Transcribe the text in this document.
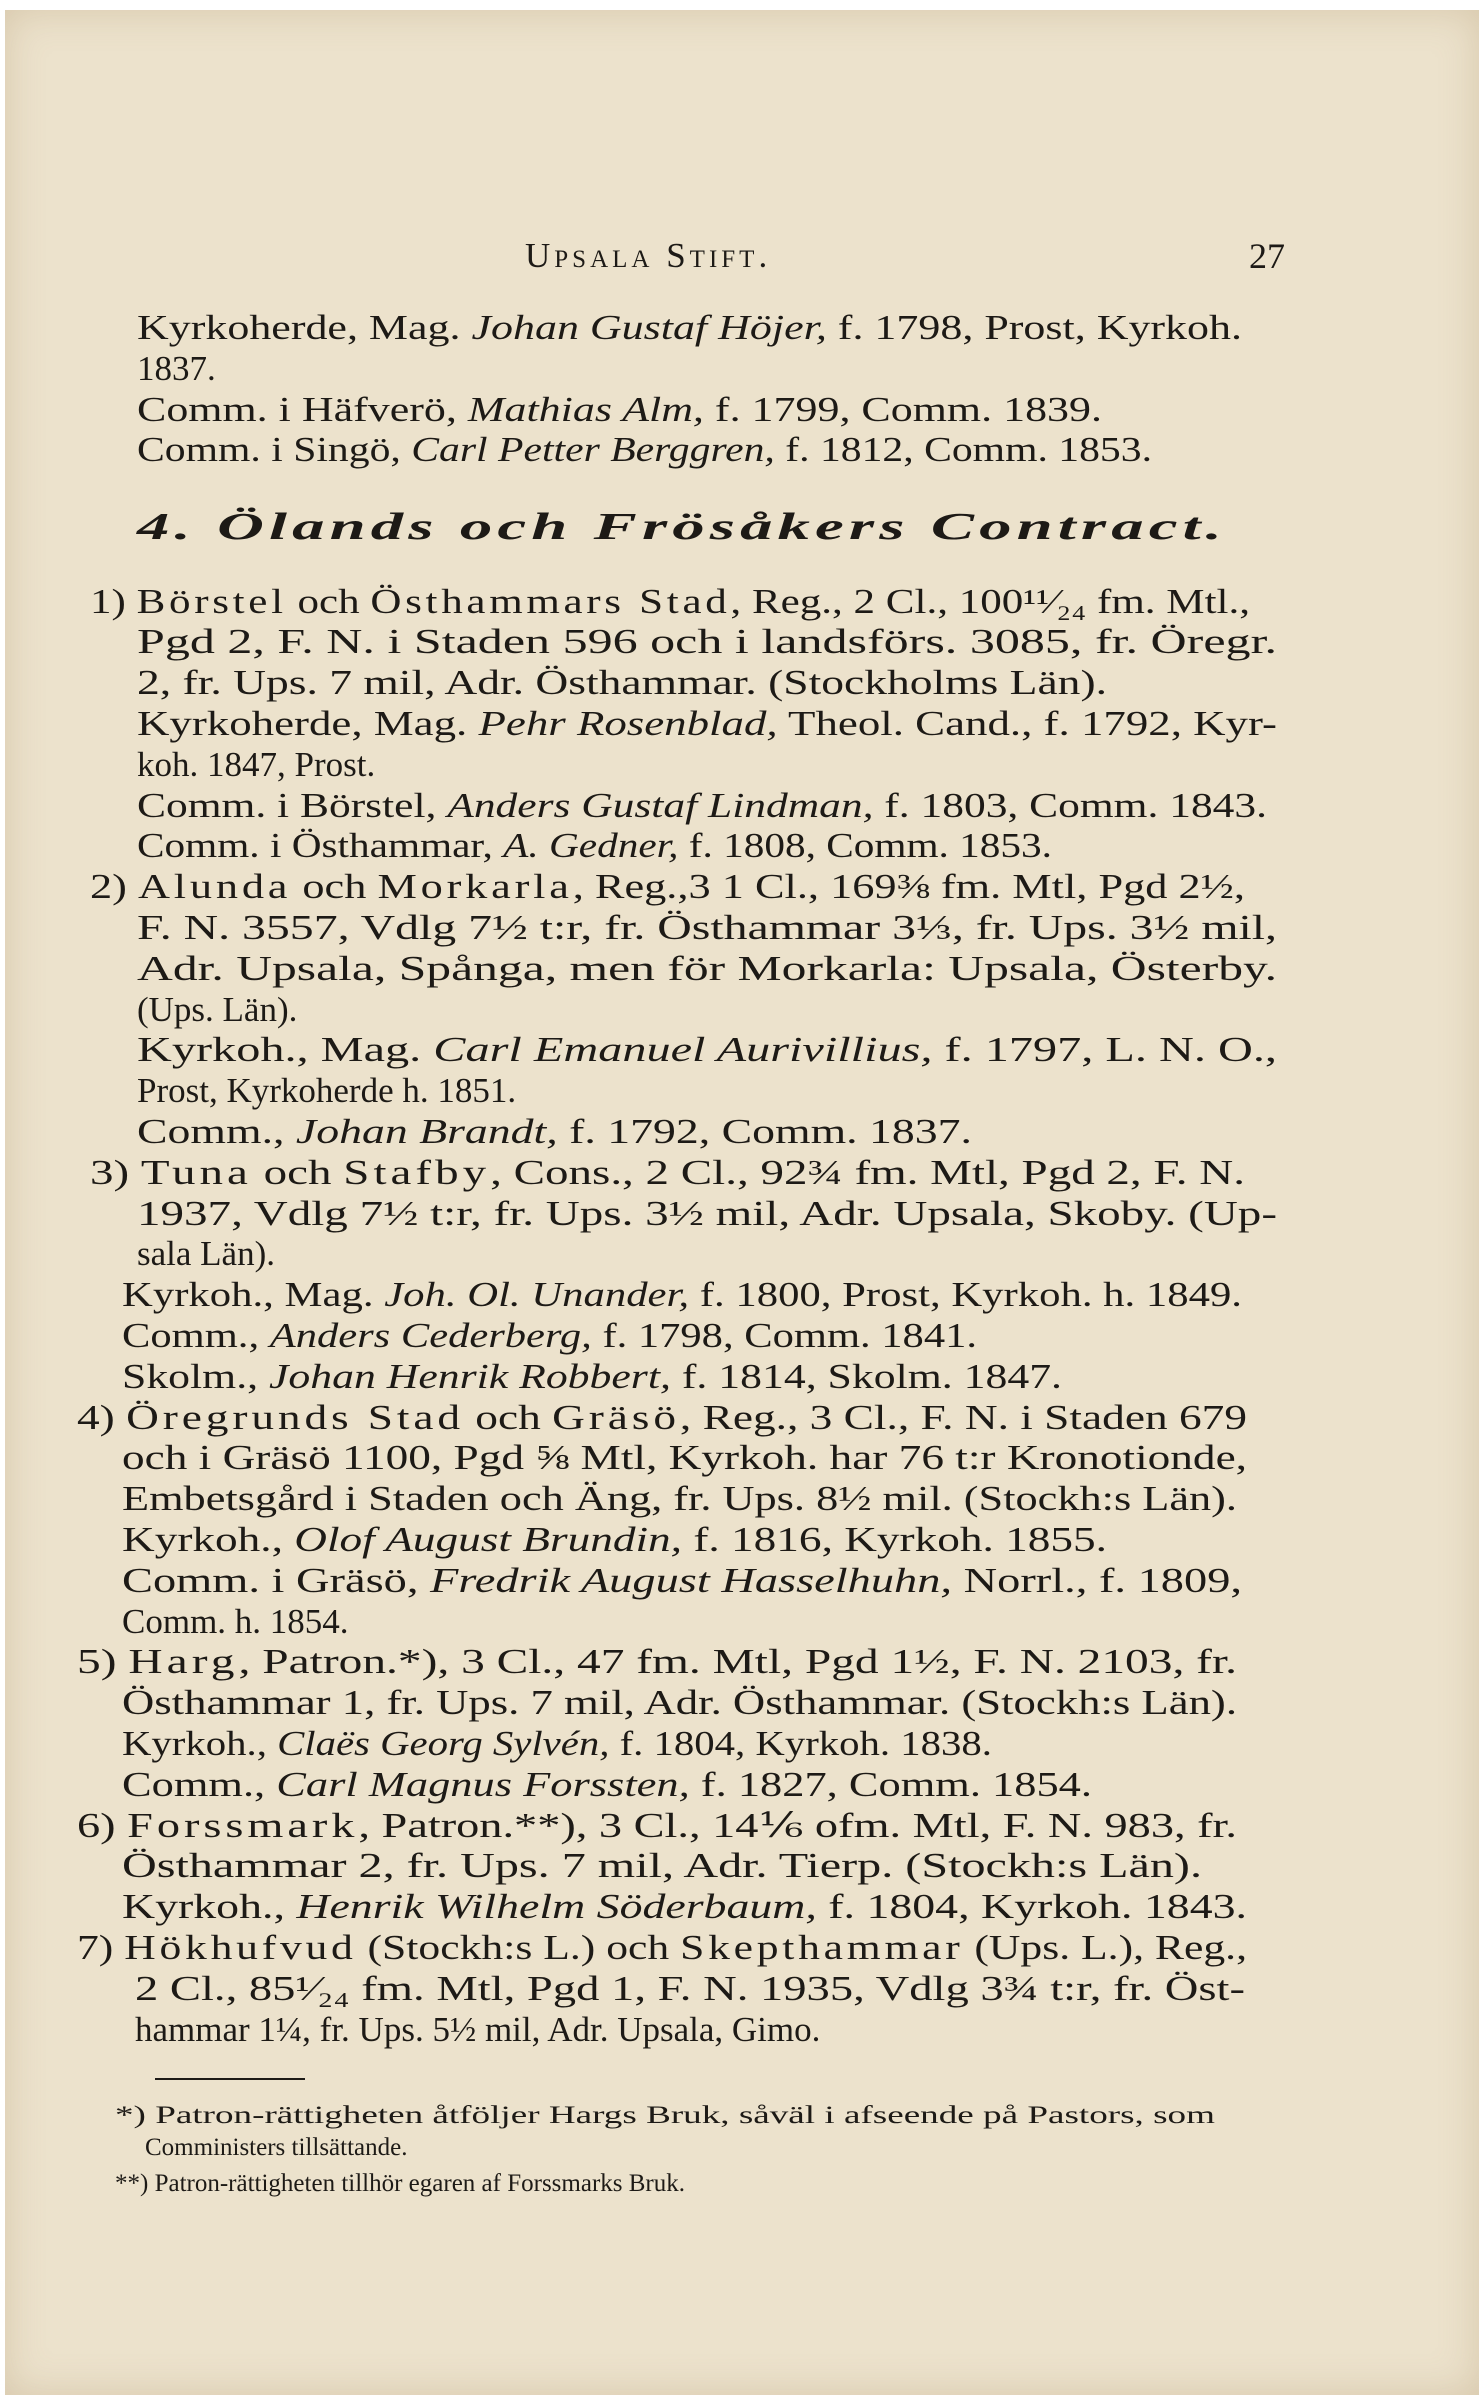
Upsala Stift.	27
Kyrkoherde, Mag. Johan Gustaf Höjer, f. 1798, Prost, Kyrkoh.
1837.
Comm. i Häfverö, Mathias Alm, f. 1799, Comm. 1839.
Comm. i Singö, Carl Petter Berggren, f. 1812, Comm. 1853.
4. Ölands och Frösåkers Contract.
1) Börstel och Östhammars Stad, Reg., 2 Cl., 100¹¹⁄₂₄ fm. Mtl.,
Pgd 2, F. N. i Staden 596 och i landsförs. 3085, fr. Öregr.
2, fr. Ups. 7 mil, Adr. Östhammar. (Stockholms Län).
Kyrkoherde, Mag. Pehr Rosenblad, Theol. Cand., f. 1792, Kyr-
koh. 1847, Prost.
Comm. i Börstel, Anders Gustaf Lindman, f. 1803, Comm. 1843.
Comm. i Östhammar, A. Gedner, f. 1808, Comm. 1853.
2) Alunda och Morkarla, Reg.,3 1 Cl., 169⅜ fm. Mtl, Pgd 2½,
F. N. 3557, Vdlg 7½ t:r, fr. Östhammar 3⅓, fr. Ups. 3½ mil,
Adr. Upsala, Spånga, men för Morkarla: Upsala, Österby.
(Ups. Län).
Kyrkoh., Mag. Carl Emanuel Aurivillius, f. 1797, L. N. O.,
Prost, Kyrkoherde h. 1851.
Comm., Johan Brandt, f. 1792, Comm. 1837.
3) Tuna och Stafby, Cons., 2 Cl., 92¾ fm. Mtl, Pgd 2, F. N.
1937, Vdlg 7½ t:r, fr. Ups. 3½ mil, Adr. Upsala, Skoby. (Up-
sala Län).
Kyrkoh., Mag. Joh. Ol. Unander, f. 1800, Prost, Kyrkoh. h. 1849.
Comm., Anders Cederberg, f. 1798, Comm. 1841.
Skolm., Johan Henrik Robbert, f. 1814, Skolm. 1847.
4) Öregrunds Stad och Gräsö, Reg., 3 Cl., F. N. i Staden 679
och i Gräsö 1100, Pgd ⅝ Mtl, Kyrkoh. har 76 t:r Kronotionde,
Embetsgård i Staden och Äng, fr. Ups. 8½ mil. (Stockh:s Län).
Kyrkoh., Olof August Brundin, f. 1816, Kyrkoh. 1855.
Comm. i Gräsö, Fredrik August Hasselhuhn, Norrl., f. 1809,
Comm. h. 1854.
5) Harg, Patron.*), 3 Cl., 47 fm. Mtl, Pgd 1½, F. N. 2103, fr.
Östhammar 1, fr. Ups. 7 mil, Adr. Östhammar. (Stockh:s Län).
Kyrkoh., Claës Georg Sylvén, f. 1804, Kyrkoh. 1838.
Comm., Carl Magnus Forssten, f. 1827, Comm. 1854.
6) Forssmark, Patron.**), 3 Cl., 14⅙ ofm. Mtl, F. N. 983, fr.
Östhammar 2, fr. Ups. 7 mil, Adr. Tierp. (Stockh:s Län).
Kyrkoh., Henrik Wilhelm Söderbaum, f. 1804, Kyrkoh. 1843.
7) Hökhufvud (Stockh:s L.) och Skepthammar (Ups. L.), Reg.,
2 Cl., 85¹⁄₂₄ fm. Mtl, Pgd 1, F. N. 1935, Vdlg 3¾ t:r, fr. Öst-
hammar 1¼, fr. Ups. 5½ mil, Adr. Upsala, Gimo.
*) Patron-rättigheten åtföljer Hargs Bruk, såväl i afseende på Pastors, som
Comministers tillsättande.
**) Patron-rättigheten tillhör egaren af Forssmarks Bruk.
